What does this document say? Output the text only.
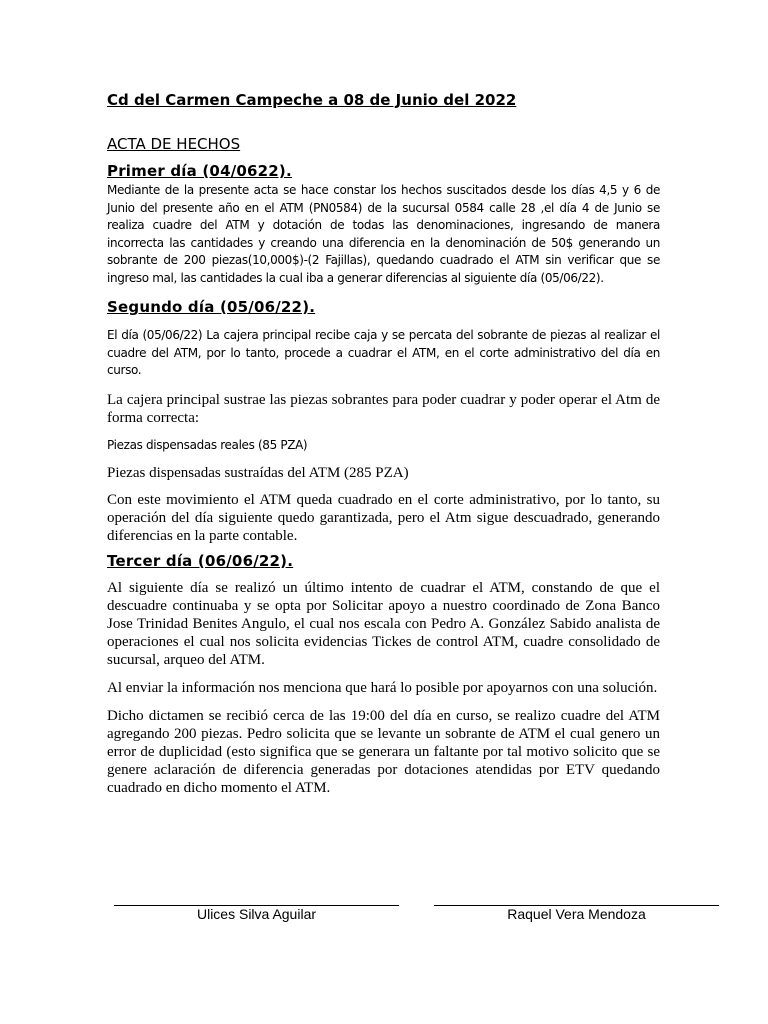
Cd del Carmen Campeche a 08 de Junio del 2022

ACTA DE HECHOS

Primer día (04/0622).

Mediante de la presente acta se hace constar los hechos suscitados desde los días 4,5 y 6 de Junio del presente año en el ATM (PN0584) de la sucursal 0584 calle 28 ,el día 4 de Junio se realiza cuadre del ATM y dotación de todas las denominaciones, ingresando de manera incorrecta las cantidades y creando una diferencia en la denominación de 50$ generando un sobrante de 200 piezas(10,000$)-(2 Fajillas), quedando cuadrado el ATM sin verificar que se ingreso mal, las cantidades la cual iba a generar diferencias al siguiente día (05/06/22).

Segundo día (05/06/22).

El día (05/06/22) La cajera principal recibe caja y se percata del sobrante de piezas al realizar el cuadre del ATM, por lo tanto, procede a cuadrar el ATM, en el corte administrativo del día en curso.

La cajera principal sustrae las piezas sobrantes para poder cuadrar y poder operar el Atm de forma correcta:

Piezas dispensadas reales (85 PZA)

Piezas dispensadas sustraídas del ATM (285 PZA)

Con este movimiento el ATM queda cuadrado en el corte administrativo, por lo tanto, su operación del día siguiente quedo garantizada, pero el Atm sigue descuadrado, generando diferencias en la parte contable.

Tercer día (06/06/22).

Al siguiente día se realizó un último intento de cuadrar el ATM, constando de que el descuadre continuaba y se opta por Solicitar apoyo a nuestro coordinado de Zona Banco Jose Trinidad Benites Angulo, el cual nos escala con Pedro A. González Sabido analista de operaciones el cual nos solicita evidencias Tickes de control ATM, cuadre consolidado de sucursal, arqueo del ATM.

Al enviar la información nos menciona que hará lo posible por apoyarnos con una solución.

Dicho dictamen se recibió cerca de las 19:00 del día en curso, se realizo cuadre del ATM agregando 200 piezas. Pedro solicita que se levante un sobrante de ATM el cual genero un error de duplicidad (esto significa que se generara un faltante por tal motivo solicito que se genere aclaración de diferencia generadas por dotaciones atendidas por ETV quedando cuadrado en dicho momento el ATM.

Ulices Silva Aguilar	Raquel Vera Mendoza
